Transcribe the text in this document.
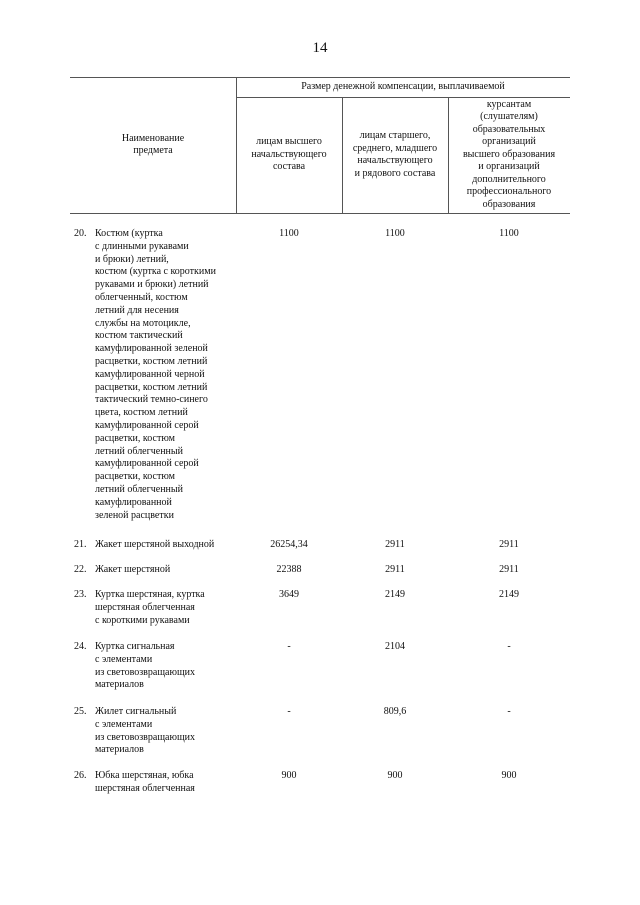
14
Наименование
предмета
Размер денежной компенсации, выплачиваемой
лицам высшего
начальствующего
состава
лицам старшего,
среднего, младшего
начальствующего
и рядового состава
курсантам
(слушателям)
образовательных
организаций
высшего образования
и организаций
дополнительного
профессионального
образования
20. Костюм (куртка
с длинными рукавами
и брюки) летний,
костюм (куртка с короткими
рукавами и брюки) летний
облегченный, костюм
летний для несения
службы на мотоцикле,
костюм тактический
камуфлированной зеленой
расцветки, костюм летний
камуфлированной черной
расцветки, костюм летний
тактический темно-синего
цвета, костюм летний
камуфлированной серой
расцветки, костюм
летний облегченный
камуфлированной серой
расцветки, костюм
летний облегченный
камуфлированной
зеленой расцветки
1100	1100	1100
21. Жакет шерстяной выходной	26254,34	2911	2911
22. Жакет шерстяной	22388	2911	2911
23. Куртка шерстяная, куртка
шерстяная облегченная
с короткими рукавами
3649	2149	2149
24. Куртка сигнальная
с элементами
из световозвращающих
материалов
-	2104	-
25. Жилет сигнальный
с элементами
из световозвращающих
материалов
-	809,6	-
26. Юбка шерстяная, юбка
шерстяная облегченная
900	900	900
